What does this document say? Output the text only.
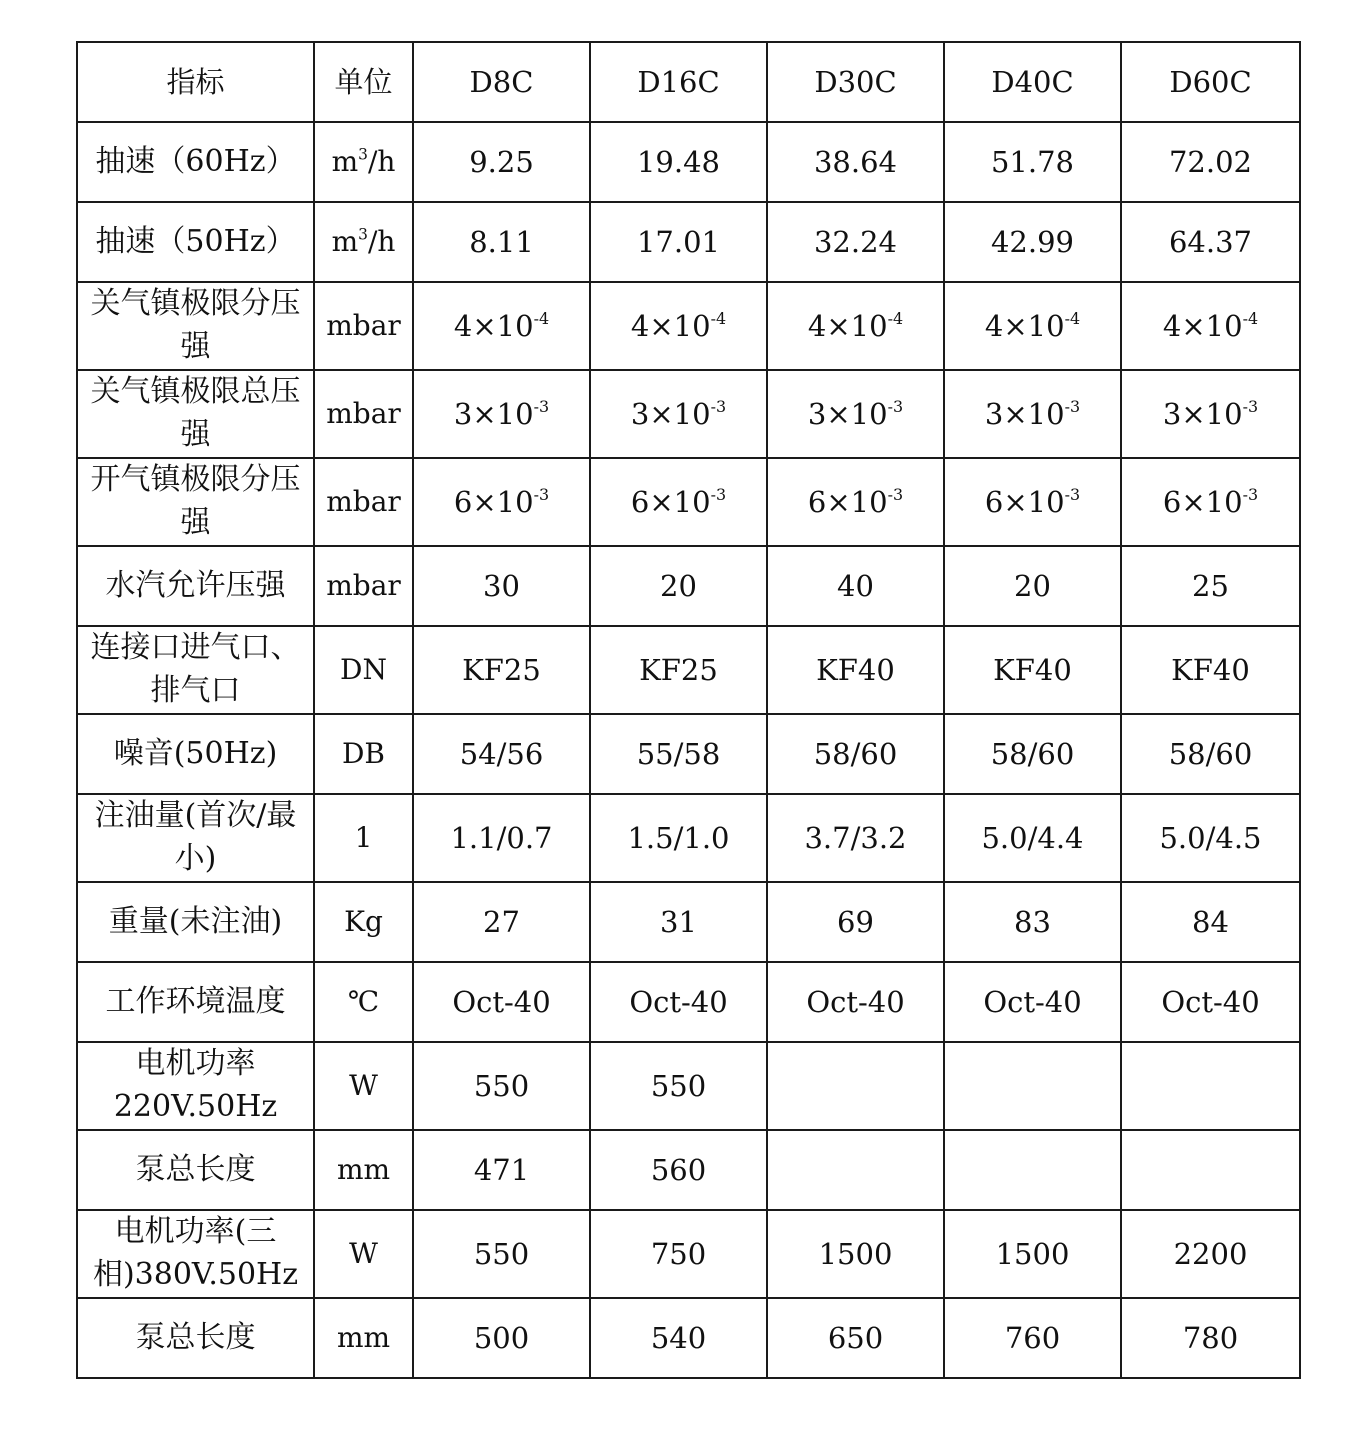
指标	单位	D8C	D16C	D30C	D40C	D60C
抽速（60Hz）	$m^3/h$	9.25	19.48	38.64	51.78	72.02
抽速（50Hz）	$m^3/h$	8.11	17.01	32.24	42.99	64.37
关气镇极限分压强	mbar	$4\times 10^{-4}$	$4\times 10^{-4}$	$4\times 10^{-4}$	$4\times 10^{-4}$	$4\times 10^{-4}$
关气镇极限总压强	mbar	$3\times 10^{-3}$	$3\times 10^{-3}$	$3\times 10^{-3}$	$3\times 10^{-3}$	$3\times 10^{-3}$
开气镇极限分压强	mbar	$6\times 10^{-3}$	$6\times 10^{-3}$	$6\times 10^{-3}$	$6\times 10^{-3}$	$6\times 10^{-3}$
水汽允许压强	mbar	30	20	40	20	25
连接口进气口、排气口	DN	KF25	KF25	KF40	KF40	KF40
噪音(50Hz)	DB	54/56	55/58	58/60	58/60	58/60
注油量(首次/最小)	1	1.1/0.7	1.5/1.0	3.7/3.2	5.0/4.4	5.0/4.5
重量(未注油)	Kg	27	31	69	83	84
工作环境温度	℃	Oct-40	Oct-40	Oct-40	Oct-40	Oct-40
电机功率220V.50Hz	W	550	550			
泵总长度	mm	471	560			
电机功率(三相)380V.50Hz	W	550	750	1500	1500	2200
泵总长度	mm	500	540	650	760	780
